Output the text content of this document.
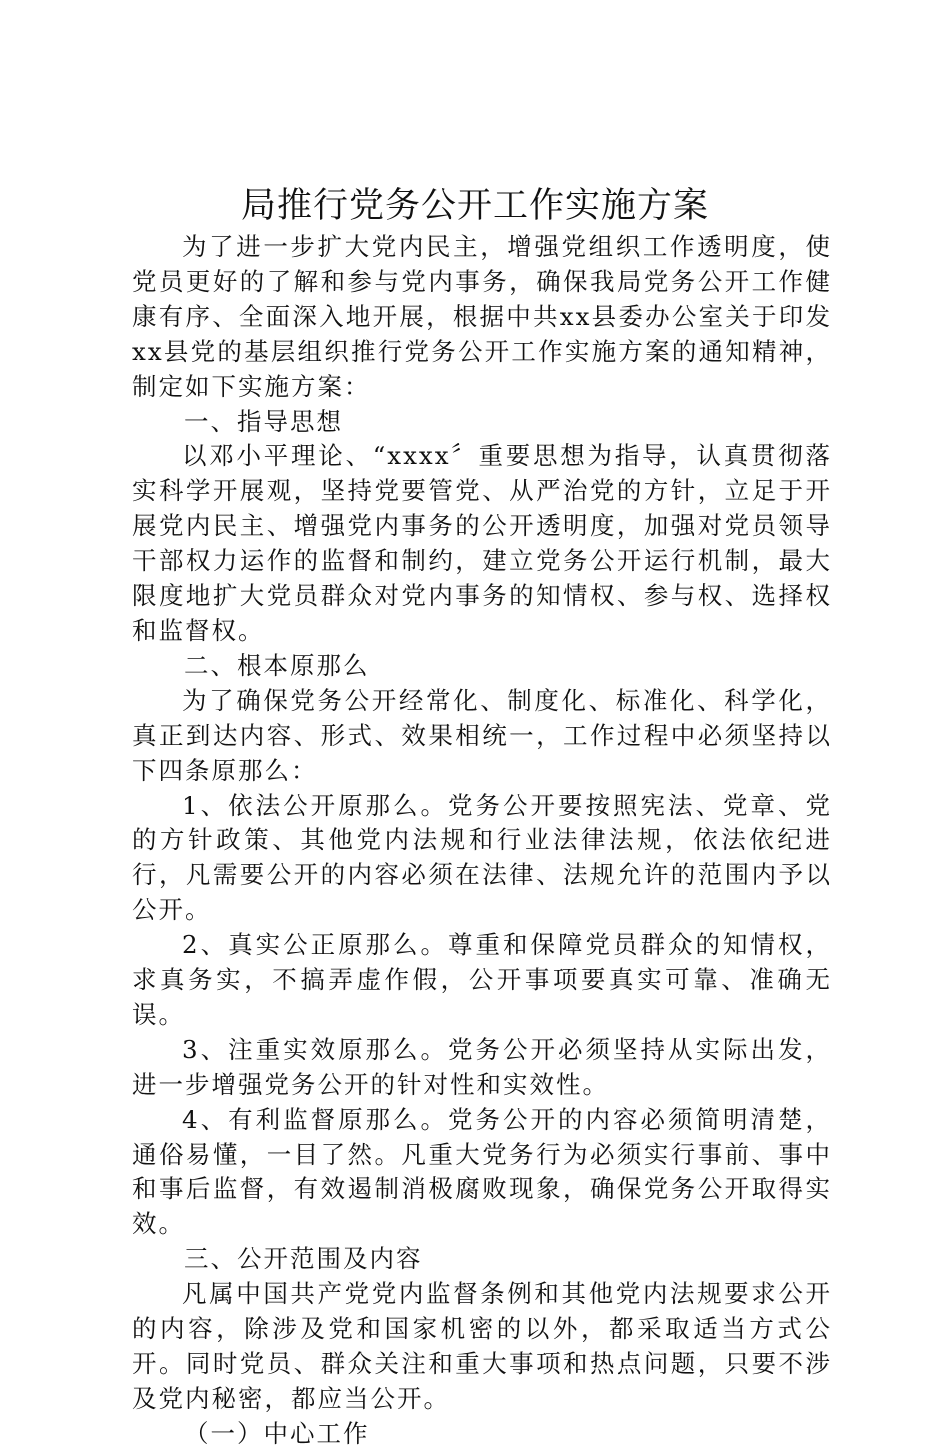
局推行党务公开工作实施方案

为了进一步扩大党内民主，增强党组织工作透明度，使党员更好的了解和参与党内事务，确保我局党务公开工作健康有序、全面深入地开展，根据中共xx县委办公室关于印发xx县党的基层组织推行党务公开工作实施方案的通知精神，制定如下实施方案：

一、指导思想

以邓小平理论、“xxxx〞重要思想为指导，认真贯彻落实科学开展观，坚持党要管党、从严治党的方针，立足于开展党内民主、增强党内事务的公开透明度，加强对党员领导干部权力运作的监督和制约，建立党务公开运行机制，最大限度地扩大党员群众对党内事务的知情权、参与权、选择权和监督权。

二、根本原那么

为了确保党务公开经常化、制度化、标准化、科学化，真正到达内容、形式、效果相统一，工作过程中必须坚持以下四条原那么：

1、依法公开原那么。党务公开要按照宪法、党章、党的方针政策、其他党内法规和行业法律法规，依法依纪进行，凡需要公开的内容必须在法律、法规允许的范围内予以公开。

2、真实公正原那么。尊重和保障党员群众的知情权，求真务实，不搞弄虚作假，公开事项要真实可靠、准确无误。

3、注重实效原那么。党务公开必须坚持从实际出发，进一步增强党务公开的针对性和实效性。

4、有利监督原那么。党务公开的内容必须简明清楚，通俗易懂，一目了然。凡重大党务行为必须实行事前、事中和事后监督，有效遏制消极腐败现象，确保党务公开取得实效。

三、公开范围及内容

凡属中国共产党党内监督条例和其他党内法规要求公开的内容，除涉及党和国家机密的以外，都采取适当方式公开。同时党员、群众关注和重大事项和热点问题，只要不涉及党内秘密，都应当公开。

（一）中心工作
